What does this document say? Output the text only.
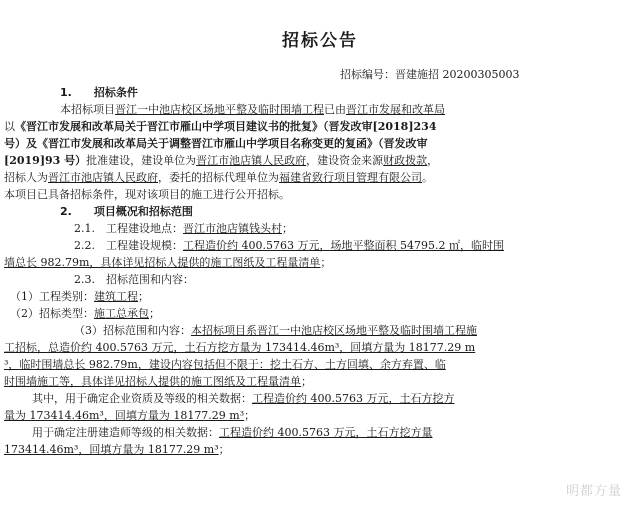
招标公告
招标编号：晋建施招 20200305003
1.　　招标条件
本招标项目晋江一中池店校区场地平整及临时围墙工程已由晋江市发展和改革局
以《晋江市发展和改革局关于晋江市雁山中学项目建议书的批复》（晋发改审[2018]234
号）及《晋江市发展和改革局关于调整晋江市雁山中学项目名称变更的复函》（晋发改审
[2019]93 号）批准建设，建设单位为晋江市池店镇人民政府，建设资金来源财政拨款，
招标人为晋江市池店镇人民政府，委托的招标代理单位为福建省致行项目管理有限公司。
本项目已具备招标条件，现对该项目的施工进行公开招标。
2.　　项目概况和招标范围
2.1.　工程建设地点：晋江市池店镇钱头村；
2.2.　工程建设规模：工程造价约 400.5763 万元，场地平整面积 54795.2 ㎡，临时围
墙总长 982.79m，具体详见招标人提供的施工图纸及工程量清单；
2.3.　招标范围和内容：
（1）工程类别：建筑工程；
（2）招标类型：施工总承包；
（3）招标范围和内容：本招标项目系晋江一中池店校区场地平整及临时围墙工程施
工招标，总造价约 400.5763 万元，土石方挖方量为 173414.46m³，回填方量为 18177.29 m
³，临时围墙总长 982.79m，建设内容包括但不限于：挖土石方、土方回填、余方弃置、临
时围墙施工等，具体详见招标人提供的施工图纸及工程量清单；
其中，用于确定企业资质及等级的相关数据：工程造价约 400.5763 万元，土石方挖方
量为 173414.46m³，回填方量为 18177.29 m³；
用于确定注册建造师等级的相关数据：工程造价约 400.5763 万元，土石方挖方量
173414.46m³，回填方量为 18177.29 m³；
明都方量
